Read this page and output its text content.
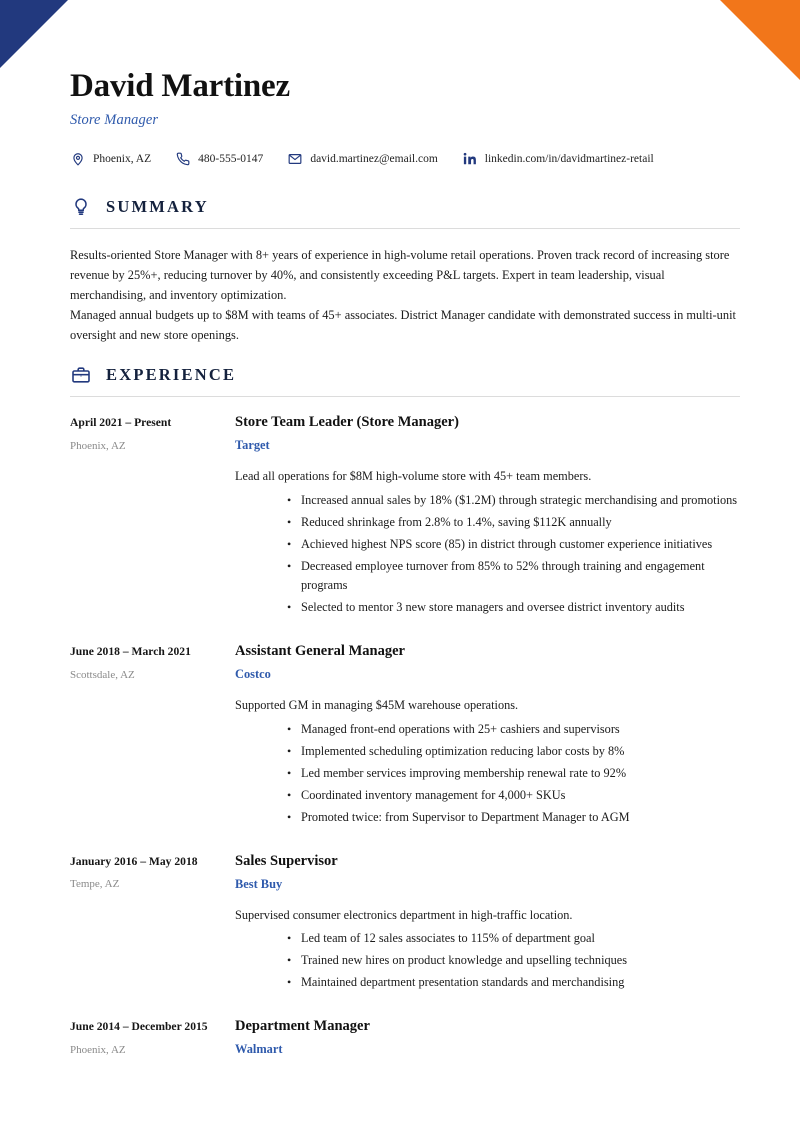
David Martinez
Store Manager
Phoenix, AZ	480-555-0147	david.martinez@email.com	linkedin.com/in/davidmartinez-retail
SUMMARY

Results-oriented Store Manager with 8+ years of experience in high-volume retail operations. Proven track record of increasing store revenue by 25%+, reducing turnover by 40%, and consistently exceeding P&L targets. Expert in team leadership, visual merchandising, and inventory optimization.

Managed annual budgets up to $8M with teams of 45+ associates. District Manager candidate with demonstrated success in multi-unit oversight and new store openings.

EXPERIENCE
April 2021 – Present
Phoenix, AZ
Store Team Leader (Store Manager)
Target
Lead all operations for $8M high-volume store with 45+ team members.
• Increased annual sales by 18% ($1.2M) through strategic merchandising and promotions
• Reduced shrinkage from 2.8% to 1.4%, saving $112K annually
• Achieved highest NPS score (85) in district through customer experience initiatives
• Decreased employee turnover from 85% to 52% through training and engagement programs
• Selected to mentor 3 new store managers and oversee district inventory audits
June 2018 – March 2021
Scottsdale, AZ
Assistant General Manager
Costco
Supported GM in managing $45M warehouse operations.
• Managed front-end operations with 25+ cashiers and supervisors
• Implemented scheduling optimization reducing labor costs by 8%
• Led member services improving membership renewal rate to 92%
• Coordinated inventory management for 4,000+ SKUs
• Promoted twice: from Supervisor to Department Manager to AGM
January 2016 – May 2018
Tempe, AZ
Sales Supervisor
Best Buy
Supervised consumer electronics department in high-traffic location.
• Led team of 12 sales associates to 115% of department goal
• Trained new hires on product knowledge and upselling techniques
• Maintained department presentation standards and merchandising
June 2014 – December 2015
Phoenix, AZ
Department Manager
Walmart
